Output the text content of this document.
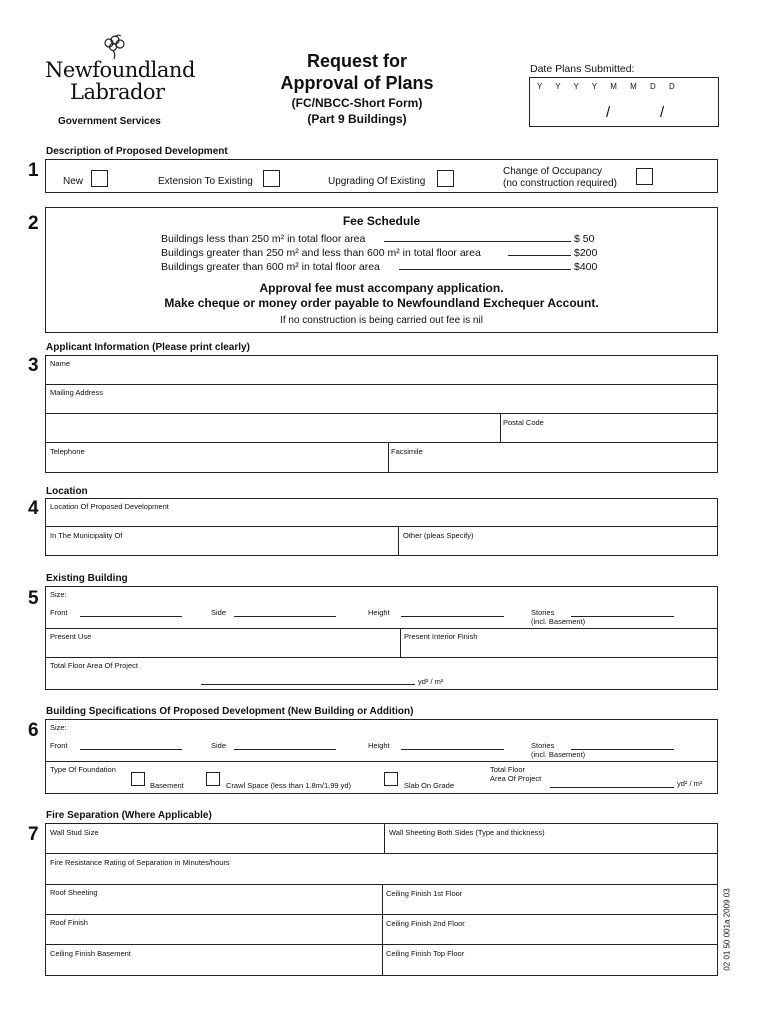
Newfoundland
Labrador
Government Services
Request for
Approval of Plans
(FC/NBCC-Short Form)
(Part 9 Buildings)
Date Plans Submitted:
Y Y Y Y M M D D
/	/
1
Description of Proposed Development
New	Extension To Existing	Upgrading Of Existing
Change of Occupancy
(no construction required)
2	Fee Schedule
Buildings less than 250 m² in total floor area	$ 50
Buildings greater than 250 m² and less than 600 m² in total floor area	$200
Buildings greater than 600 m² in total floor area	$400
Approval fee must accompany application.
Make cheque or money order payable to Newfoundland Exchequer Account.
If no construction is being carried out fee is nil
3
Applicant Information (Please print clearly)
Name
Mailing Address
Postal Code
Telephone	Facsimile
4
Location
Location Of Proposed Development
In The Municipality Of	Other (pleas Specify)
5
Existing Building
Size:
Front	Side	Height	Stories
(incl. Basement)
Present Use	Present Interior Finish
Total Floor Area Of Project
yd² / m²
6
Building Specifications Of Proposed Development (New Building or Addition)
Size:
Front	Side	Height	Stories
(incl. Basement)
Type Of Foundation
Basement	Crawl Space (less than 1.8m/1.99 yd)	Slab On Grade
Total Floor
Area Of Project
yd² / m²
7
Fire Separation (Where Applicable)
Wall Stud Size	Wall Sheeting Both Sides (Type and thickness)
Fire Resistance Rating of Separation in Minutes/hours
Roof Sheeting	Ceiling Finish 1st Floor
Roof Finish	Ceiling Finish 2nd Floor
Ceiling Finish Basement	Ceiling Finish Top Floor	02 01 50 001a 2009 03
